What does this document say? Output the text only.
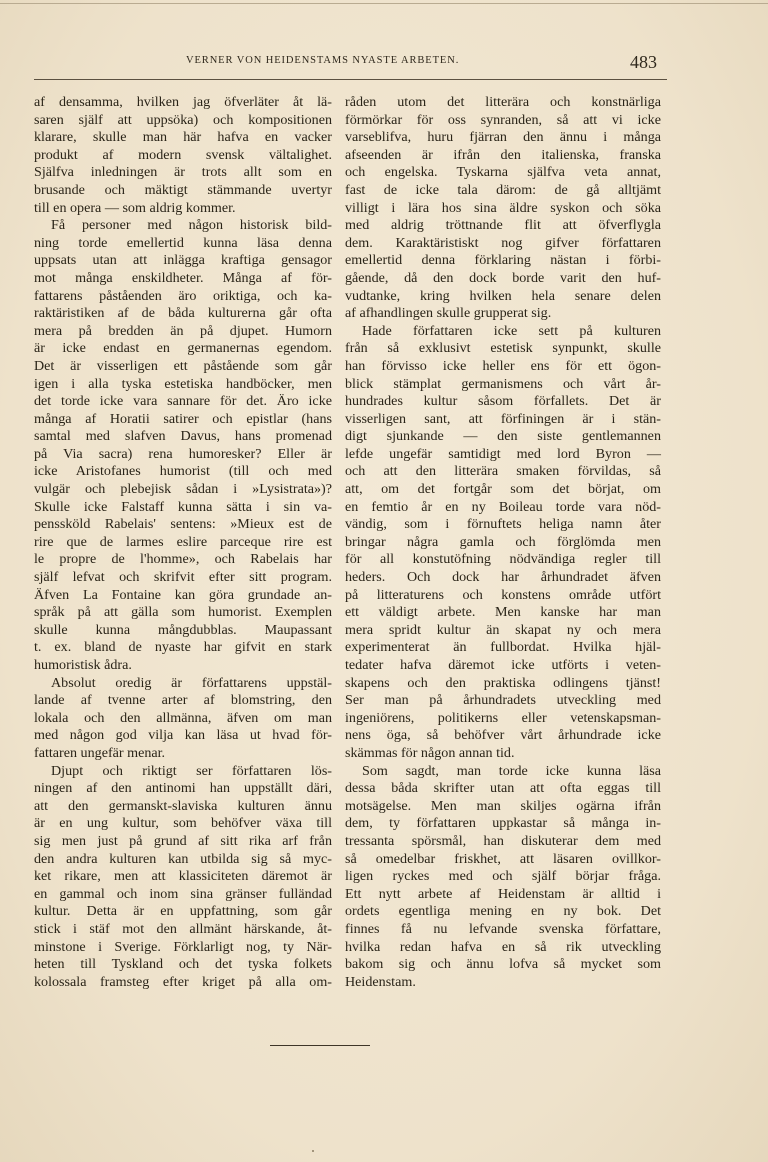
VERNER VON HEIDENSTAMS NYASTE ARBETEN.	483
af densamma, hvilken jag öfverläter åt lä-
saren själf att uppsöka) och kompositionen
klarare, skulle man här hafva en vacker
produkt af modern svensk vältalighet.
Själfva inledningen är trots allt som en
brusande och mäktigt stämmande uvertyr
till en opera — som aldrig kommer.
Få personer med någon historisk bild-
ning torde emellertid kunna läsa denna
uppsats utan att inlägga kraftiga gensagor
mot många enskildheter. Många af för-
fattarens påståenden äro oriktiga, och ka-
raktäristiken af de båda kulturerna går ofta
mera på bredden än på djupet. Humorn
är icke endast en germanernas egendom.
Det är visserligen ett påstående som går
igen i alla tyska estetiska handböcker, men
det torde icke vara sannare för det. Äro icke
många af Horatii satirer och epistlar (hans
samtal med slafven Davus, hans promenad
på Via sacra) rena humoresker? Eller är
icke Aristofanes humorist (till och med
vulgär och plebejisk sådan i »Lysistrata»)?
Skulle icke Falstaff kunna sätta i sin va-
penssköld Rabelais' sentens: »Mieux est de
rire que de larmes eslire parceque rire est
le propre de l'homme», och Rabelais har
själf lefvat och skrifvit efter sitt program.
Äfven La Fontaine kan göra grundade an-
språk på att gälla som humorist. Exemplen
skulle kunna mångdubblas. Maupassant
t. ex. bland de nyaste har gifvit en stark
humoristisk ådra.
Absolut oredig är författarens uppstäl-
lande af tvenne arter af blomstring, den
lokala och den allmänna, äfven om man
med någon god vilja kan läsa ut hvad för-
fattaren ungefär menar.
Djupt och riktigt ser författaren lös-
ningen af den antinomi han uppställt däri,
att den germanskt-slaviska kulturen ännu
är en ung kultur, som behöfver växa till
sig men just på grund af sitt rika arf från
den andra kulturen kan utbilda sig så myc-
ket rikare, men att klassiciteten däremot är
en gammal och inom sina gränser fulländad
kultur. Detta är en uppfattning, som går
stick i stäf mot den allmänt härskande, åt-
minstone i Sverige. Förklarligt nog, ty När-
heten till Tyskland och det tyska folkets
kolossala framsteg efter kriget på alla om-
råden utom det litterära och konstnärliga
förmörkar för oss synranden, så att vi icke
varseblifva, huru fjärran den ännu i många
afseenden är ifrån den italienska, franska
och engelska. Tyskarna själfva veta annat,
fast de icke tala därom: de gå alltjämt
villigt i lära hos sina äldre syskon och söka
med aldrig tröttnande flit att öfverflygla
dem. Karaktäristiskt nog gifver författaren
emellertid denna förklaring nästan i förbi-
gående, då den dock borde varit den huf-
vudtanke, kring hvilken hela senare delen
af afhandlingen skulle grupperat sig.
Hade författaren icke sett på kulturen
från så exklusivt estetisk synpunkt, skulle
han förvisso icke heller ens för ett ögon-
blick stämplat germanismens och vårt år-
hundrades kultur såsom förfallets. Det är
visserligen sant, att förfiningen är i stän-
digt sjunkande — den siste gentlemannen
lefde ungefär samtidigt med lord Byron —
och att den litterära smaken förvildas, så
att, om det fortgår som det börjat, om
en femtio år en ny Boileau torde vara nöd-
vändig, som i förnuftets heliga namn åter
bringar några gamla och förglömda men
för all konstutöfning nödvändiga regler till
heders. Och dock har århundradet äfven
på litteraturens och konstens område utfört
ett väldigt arbete. Men kanske har man
mera spridt kultur än skapat ny och mera
experimenterat än fullbordat. Hvilka hjäl-
tedater hafva däremot icke utförts i veten-
skapens och den praktiska odlingens tjänst!
Ser man på århundradets utveckling med
ingeniörens, politikerns eller vetenskapsman-
nens öga, så behöfver vårt århundrade icke
skämmas för någon annan tid.
Som sagdt, man torde icke kunna läsa
dessa båda skrifter utan att ofta eggas till
motsägelse. Men man skiljes ogärna ifrån
dem, ty författaren uppkastar så många in-
tressanta spörsmål, han diskuterar dem med
så omedelbar friskhet, att läsaren ovillkor-
ligen ryckes med och själf börjar fråga.
Ett nytt arbete af Heidenstam är alltid i
ordets egentliga mening en ny bok. Det
finnes få nu lefvande svenska författare,
hvilka redan hafva en så rik utveckling
bakom sig och ännu lofva så mycket som
Heidenstam.
